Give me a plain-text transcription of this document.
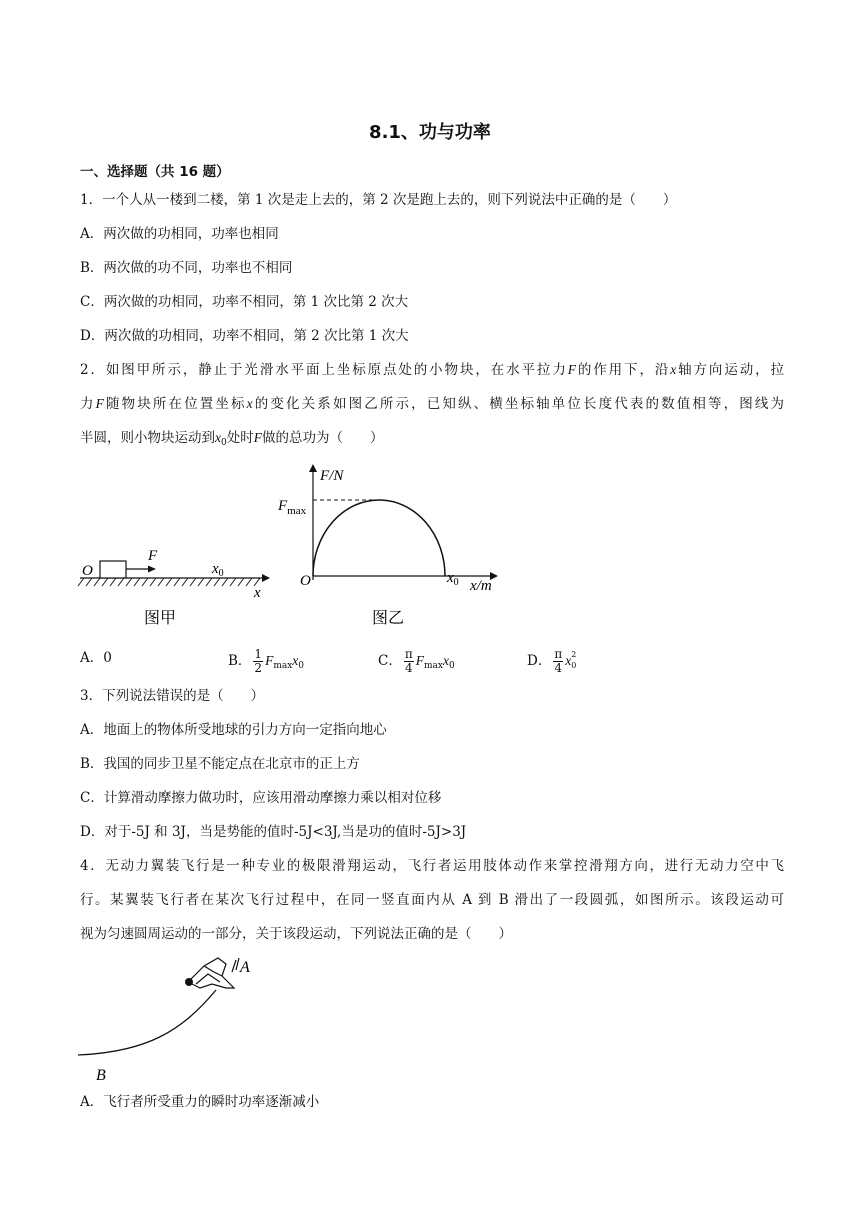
8.1、功与功率
一、选择题（共 16 题）
1．一个人从一楼到二楼，第 1 次是走上去的，第 2 次是跑上去的，则下列说法中正确的是（　　）
A．两次做的功相同，功率也相同
B．两次做的功不同，功率也不相同
C．两次做的功相同，功率不相同，第 1 次比第 2 次大
D．两次做的功相同，功率不相同，第 2 次比第 1 次大
2．如图甲所示，静止于光滑水平面上坐标原点处的小物块，在水平拉力F的作用下，沿x轴方向运动，拉
力F随物块所在位置坐标x的变化关系如图乙所示，已知纵、横坐标轴单位长度代表的数值相等，图线为
半圆，则小物块运动到$x_0$处时F做的总功为（　　）
O
F
$x_0$
x
图甲
F/N
$F_{max}$
O	$x_0$ x/m
图乙
A．0	B． $\frac{1}{2} F_{max}x_0$	C． $\frac{\pi}{4} F_{max}x_0$	D． $\frac{\pi}{4}$ x 2
0
3．下列说法错误的是（　　）
A．地面上的物体所受地球的引力方向一定指向地心
B．我国的同步卫星不能定点在北京市的正上方
C．计算滑动摩擦力做功时，应该用滑动摩擦力乘以相对位移
D．对于-5J 和 3J，当是势能的值时-5J<3J,当是功的值时-5J>3J
4．无动力翼装飞行是一种专业的极限滑翔运动，飞行者运用肢体动作来掌控滑翔方向，进行无动力空中飞
行。某翼装飞行者在某次飞行过程中，在同一竖直面内从 A 到 B 滑出了一段圆弧，如图所示。该段运动可
视为匀速圆周运动的一部分，关于该段运动，下列说法正确的是（　　）
A
B
A．飞行者所受重力的瞬时功率逐渐减小
